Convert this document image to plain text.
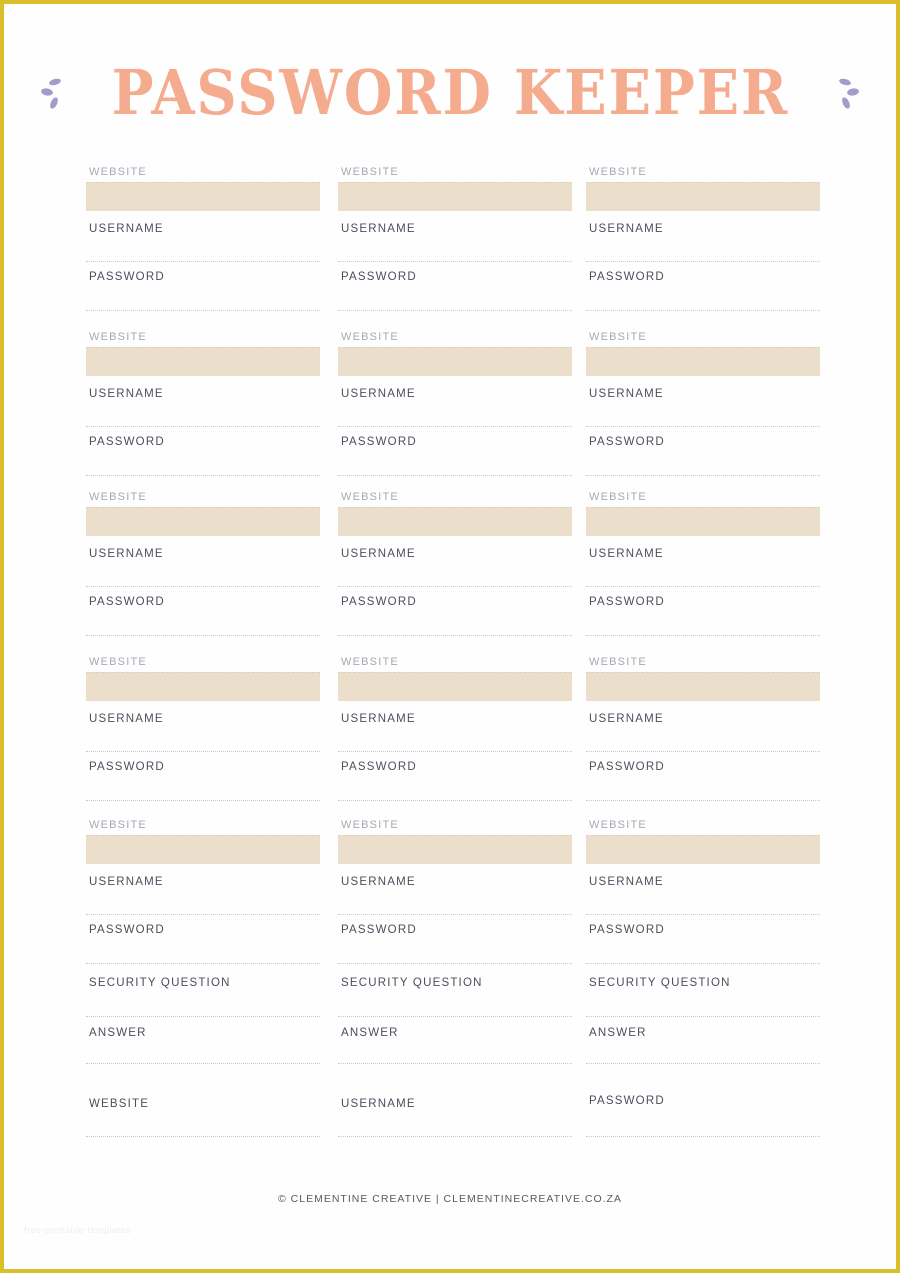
PASSWORD KEEPER
WEBSITE
USERNAME
PASSWORD
WEBSITE
USERNAME
PASSWORD
WEBSITE
USERNAME
PASSWORD
WEBSITE
USERNAME
PASSWORD
WEBSITE
USERNAME
PASSWORD
SECURITY QUESTION
ANSWER
WEBSITE
WEBSITE
USERNAME
PASSWORD
WEBSITE
USERNAME
PASSWORD
WEBSITE
USERNAME
PASSWORD
WEBSITE
USERNAME
PASSWORD
WEBSITE
USERNAME
PASSWORD
SECURITY QUESTION
ANSWER
USERNAME
WEBSITE
USERNAME
PASSWORD
WEBSITE
USERNAME
PASSWORD
WEBSITE
USERNAME
PASSWORD
WEBSITE
USERNAME
PASSWORD
WEBSITE
USERNAME
PASSWORD
SECURITY QUESTION
ANSWER
PASSWORD
© CLEMENTINE CREATIVE | CLEMENTINECREATIVE.CO.ZA
free-printable-templates
